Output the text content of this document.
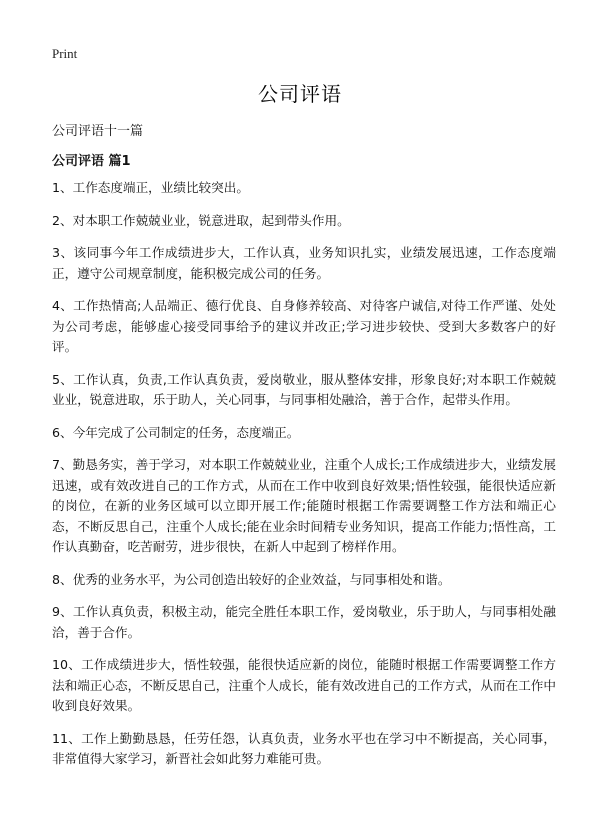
Print
公司评语
公司评语十一篇
公司评语 篇1
1、工作态度端正，业绩比较突出。
2、对本职工作兢兢业业，锐意进取，起到带头作用。
3、该同事今年工作成绩进步大，工作认真，业务知识扎实，业绩发展迅速，工作态度端正，遵守公司规章制度，能积极完成公司的任务。
4、工作热情高;人品端正、德行优良、自身修养较高、对待客户诚信,对待工作严谨、处处为公司考虑，能够虚心接受同事给予的建议并改正;学习进步较快、受到大多数客户的好评。
5、工作认真，负责,工作认真负责，爱岗敬业，服从整体安排，形象良好;对本职工作兢兢业业，锐意进取，乐于助人，关心同事，与同事相处融洽，善于合作，起带头作用。
6、今年完成了公司制定的任务，态度端正。
7、勤恳务实，善于学习，对本职工作兢兢业业，注重个人成长;工作成绩进步大，业绩发展迅速，或有效改进自己的工作方式，从而在工作中收到良好效果;悟性较强，能很快适应新的岗位，在新的业务区域可以立即开展工作;能随时根据工作需要调整工作方法和端正心态，不断反思自己，注重个人成长;能在业余时间精专业务知识，提高工作能力;悟性高，工作认真勤奋，吃苦耐劳，进步很快，在新人中起到了榜样作用。
8、优秀的业务水平，为公司创造出较好的企业效益，与同事相处和谐。
9、工作认真负责，积极主动，能完全胜任本职工作，爱岗敬业，乐于助人，与同事相处融洽，善于合作。
10、工作成绩进步大，悟性较强，能很快适应新的岗位，能随时根据工作需要调整工作方法和端正心态，不断反思自己，注重个人成长，能有效改进自己的工作方式，从而在工作中收到良好效果。
11、工作上勤勤恳恳，任劳任怨，认真负责，业务水平也在学习中不断提高，关心同事，非常值得大家学习，新晋社会如此努力难能可贵。
